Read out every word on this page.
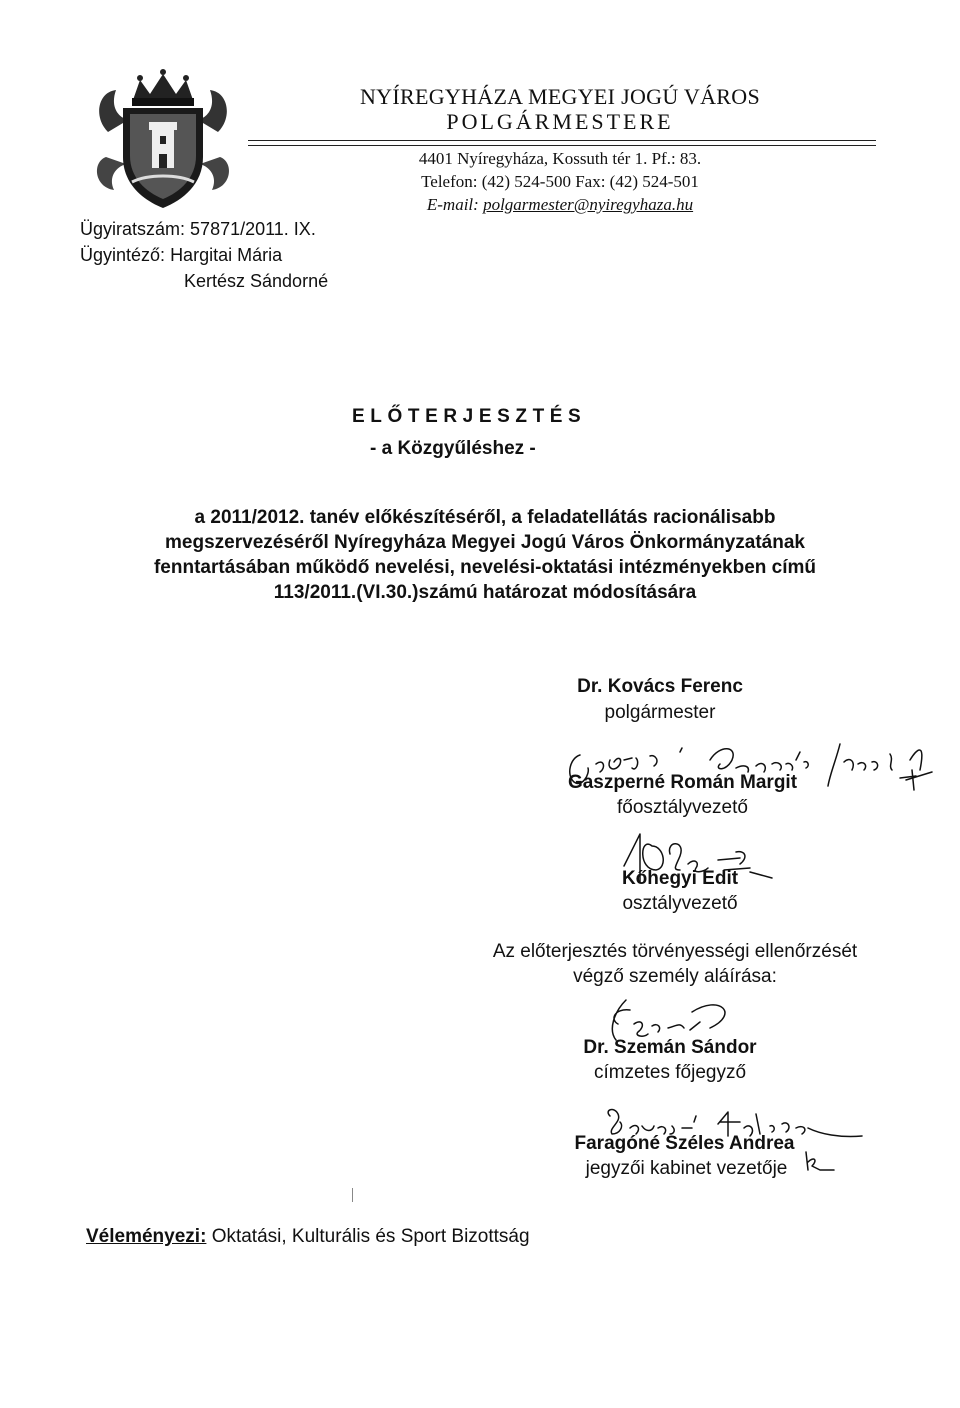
NYÍREGYHÁZA MEGYEI JOGÚ VÁROS
POLGÁRMESTERE
4401 Nyíregyháza, Kossuth tér 1. Pf.: 83.
Telefon: (42) 524-500 Fax: (42) 524-501
E-mail: polgarmester@nyiregyhaza.hu
Ügyiratszám: 57871/2011. IX.
Ügyintéző: Hargitai Mária
Kertész Sándorné
ELŐTERJESZTÉS
- a Közgyűléshez -
a 2011/2012. tanév előkészítéséről, a feladatellátás racionálisabb
megszervezéséről Nyíregyháza Megyei Jogú Város Önkormányzatának
fenntartásában működő nevelési, nevelési-oktatási intézményekben című
113/2011.(VI.30.)számú határozat módosítására
Dr. Kovács Ferenc
polgármester
Gaszperné Román Margit
főosztályvezető
Kőhegyi Edit
osztályvezető
Az előterjesztés törvényességi ellenőrzését
végző személy aláírása:
Dr. Szemán Sándor
címzetes főjegyző
Faragóné Széles Andrea
jegyzői kabinet vezetője
Véleményezi: Oktatási, Kulturális és Sport Bizottság
